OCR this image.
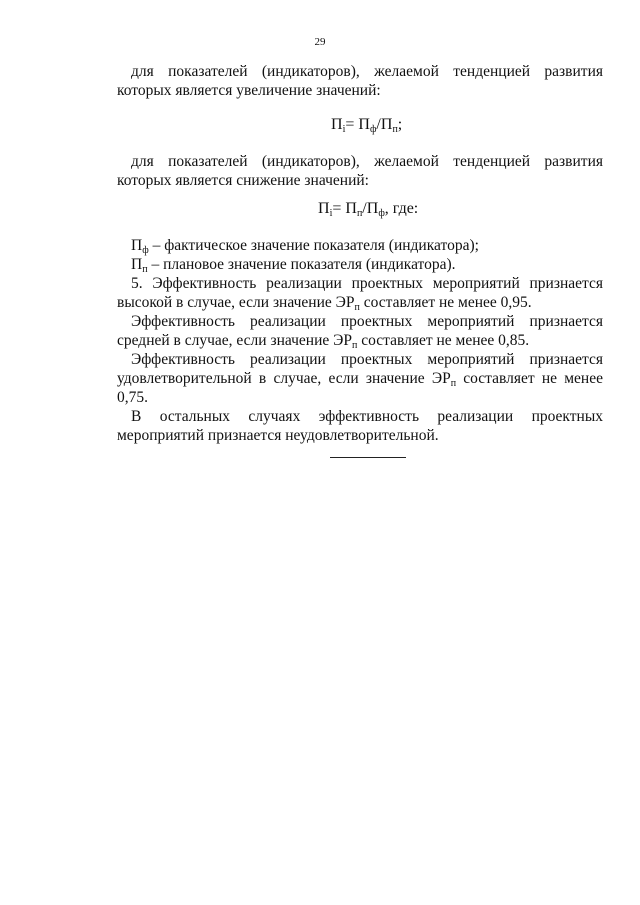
29

для показателей (индикаторов), желаемой тенденцией развития которых является увеличение значений:

$П_i= П_ф/П_п$;

для показателей (индикаторов), желаемой тенденцией развития которых является снижение значений:

$П_i= П_п/П_ф$, где:

$П_ф$ – фактическое значение показателя (индикатора);

$П_п$ – плановое значение показателя (индикатора).

5. Эффективность реализации проектных мероприятий признается высокой в случае, если значение $ЭР_п$ составляет не менее 0,95.

Эффективность реализации проектных мероприятий признается средней в случае, если значение $ЭР_п$ составляет не менее 0,85.

Эффективность реализации проектных мероприятий признается удовлетворительной в случае, если значение $ЭР_п$ составляет не менее 0,75.

В остальных случаях эффективность реализации проектных мероприятий признается неудовлетворительной.
